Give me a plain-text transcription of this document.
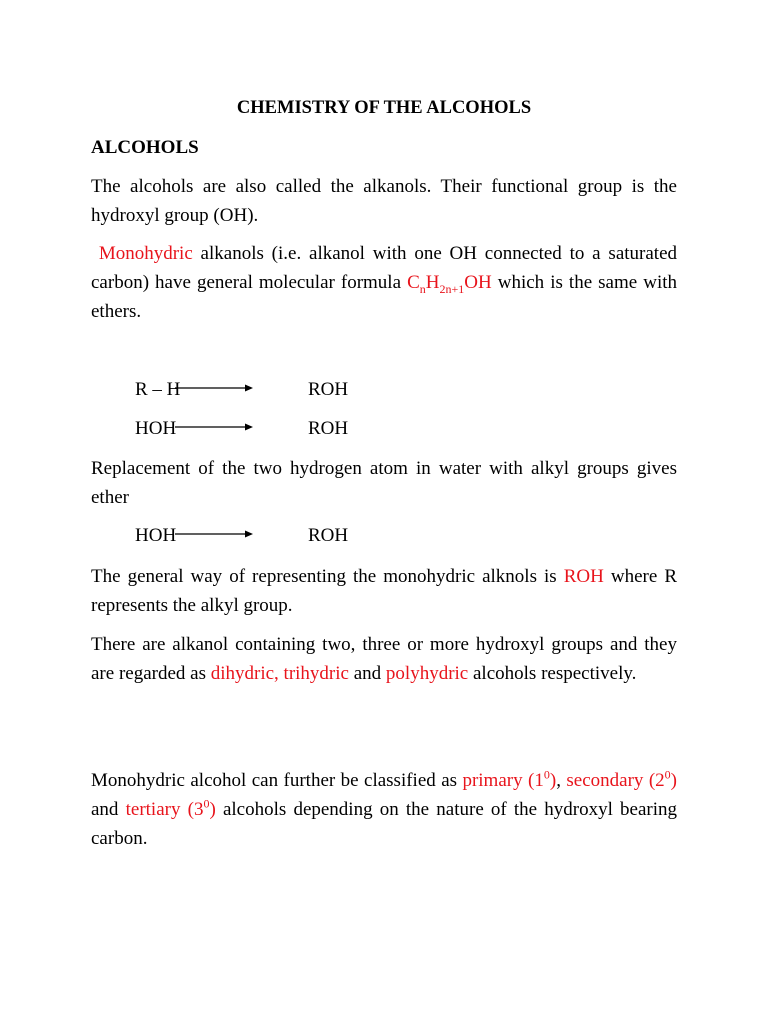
CHEMISTRY OF THE ALCOHOLS
ALCOHOLS

The alcohols are also called the alkanols. Their functional group is the hydroxyl group (OH).

Monohydric alkanols (i.e. alkanol with one OH connected to a saturated carbon) have general molecular formula $C_nH_{2n+1}OH$ which is the same with ethers.

R – H	ROH
HOH	ROH

Replacement of the two hydrogen atom in water with alkyl groups gives ether

HOH	ROH

The general way of representing the monohydric alknols is ROH where R represents the alkyl group.

There are alkanol containing two, three or more hydroxyl groups and they are regarded as dihydric, trihydric and polyhydric alcohols respectively.

Monohydric alcohol can further be classified as primary $(1^0)$, secondary $(2^0)$ and tertiary $(3^0)$ alcohols depending on the nature of the hydroxyl bearing carbon.
